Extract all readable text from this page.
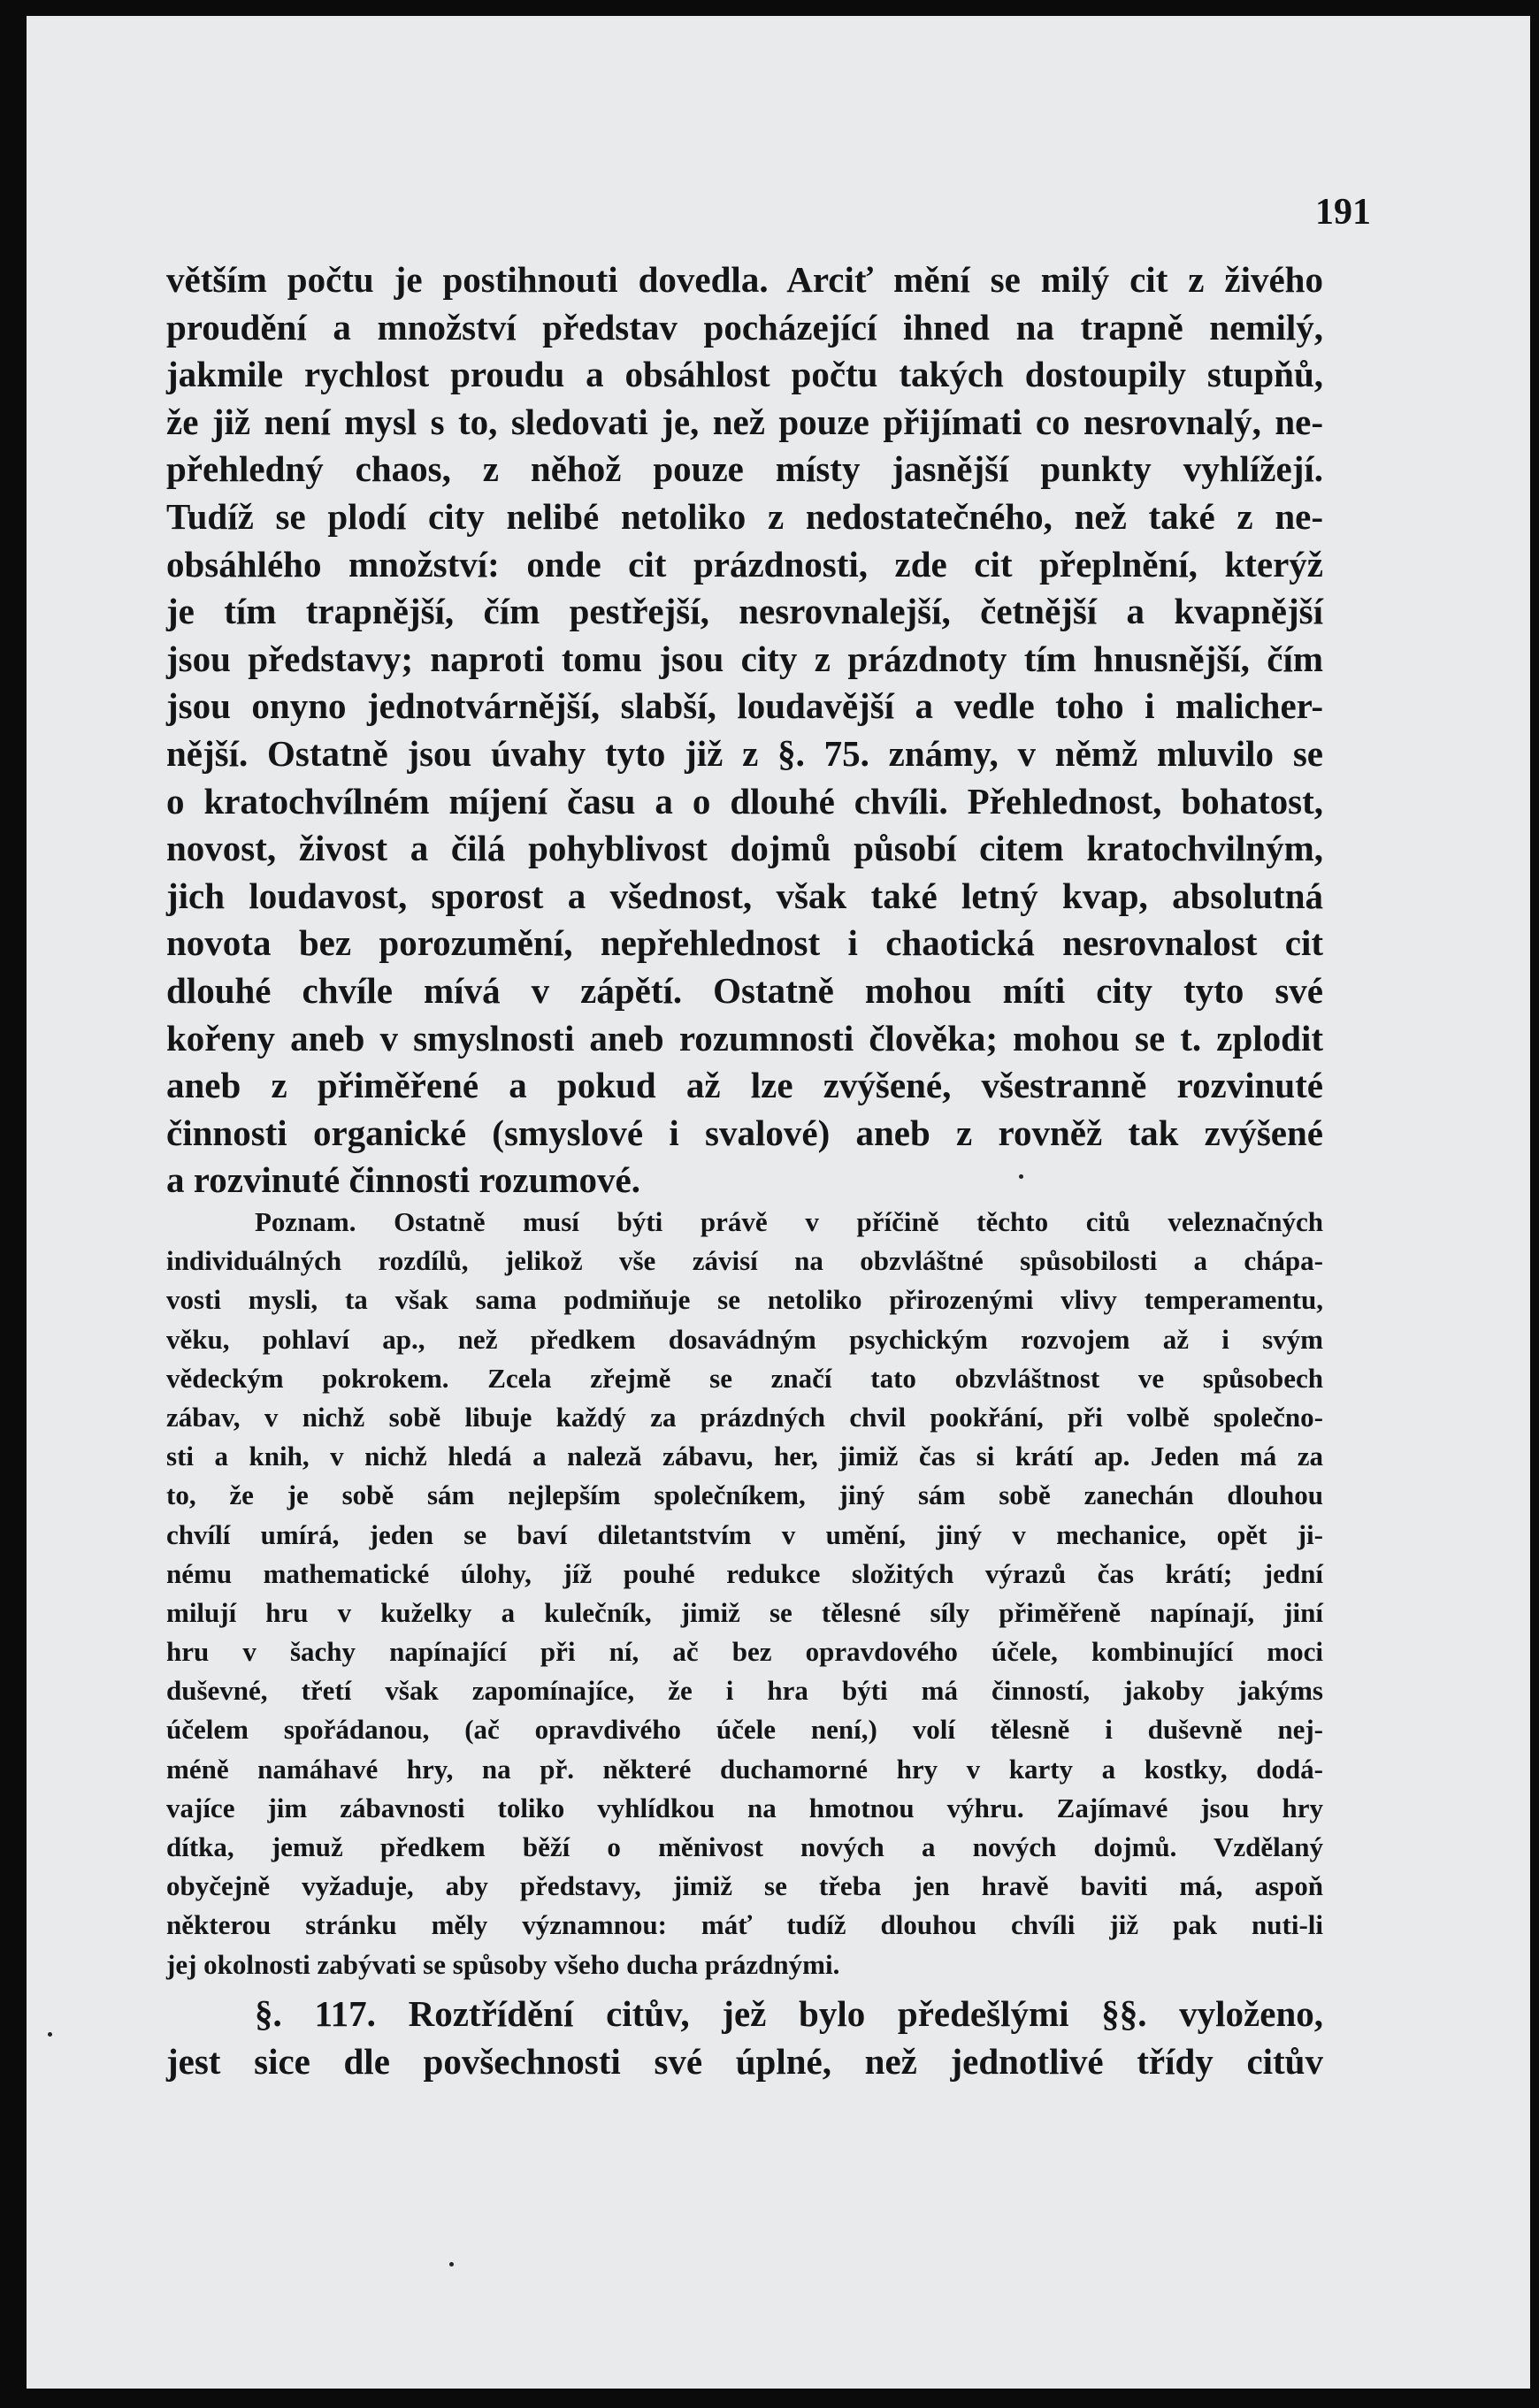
191
větším počtu je postihnouti dovedla. Arciť mění se milý cit z živého
proudění a množství představ pocházející ihned na trapně nemilý,
jakmile rychlost proudu a obsáhlost počtu takých dostoupily stupňů,
že již není mysl s to, sledovati je, než pouze přijímati co nesrovnalý, ne-
přehledný chaos, z něhož pouze místy jasnější punkty vyhlížejí.
Tudíž se plodí city nelibé netoliko z nedostatečného, než také z ne-
obsáhlého množství: onde cit prázdnosti, zde cit přeplnění, kterýž
je tím trapnější, čím pestřejší, nesrovnalejší, četnější a kvapnější
jsou představy; naproti tomu jsou city z prázdnoty tím hnusnější, čím
jsou onyno jednotvárnější, slabší, loudavější a vedle toho i malicher-
nější. Ostatně jsou úvahy tyto již z §. 75. známy, v němž mluvilo se
o kratochvílném míjení času a o dlouhé chvíli. Přehlednost, bohatost,
novost, živost a čilá pohyblivost dojmů působí citem kratochvilným,
jich loudavost, sporost a všednost, však také letný kvap, absolutná
novota bez porozumění, nepřehlednost i chaotická nesrovnalost cit
dlouhé chvíle mívá v zápětí. Ostatně mohou míti city tyto své
kořeny aneb v smyslnosti aneb rozumnosti člověka; mohou se t. zplodit
aneb z přiměřené a pokud až lze zvýšené, všestranně rozvinuté
činnosti organické (smyslové i svalové) aneb z rovněž tak zvýšené
a rozvinuté činnosti rozumové.
Poznam. Ostatně musí býti právě v příčině těchto citů veleznačných
individuálných rozdílů, jelikož vše závisí na obzvláštné spůsobilosti a chápa-
vosti mysli, ta však sama podmiňuje se netoliko přirozenými vlivy temperamentu,
věku, pohlaví ap., než předkem dosavádným psychickým rozvojem až i svým
vědeckým pokrokem. Zcela zřejmě se značí tato obzvláštnost ve spůsobech
zábav, v nichž sobě libuje každý za prázdných chvil pookřání, při volbě společno-
sti a knih, v nichž hledá a naleză zábavu, her, jimiž čas si krátí ap. Jeden má za
to, že je sobě sám nejlepším společníkem, jiný sám sobě zanechán dlouhou
chvílí umírá, jeden se baví diletantstvím v umění, jiný v mechanice, opět ji-
nému mathematické úlohy, jíž pouhé redukce složitých výrazů čas krátí; jední
milují hru v kuželky a kulečník, jimiž se tělesné síly přiměřeně napínají, jiní
hru v šachy napínající při ní, ač bez opravdového účele, kombinující moci
duševné, třetí však zapomínajíce, že i hra býti má činností, jakoby jakýms
účelem spořádanou, (ač opravdivého účele není,) volí tělesně i duševně nej-
méně namáhavé hry, na př. některé duchamorné hry v karty a kostky, dodá-
vajíce jim zábavnosti toliko vyhlídkou na hmotnou výhru. Zajímavé jsou hry
dítka, jemuž předkem běží o měnivost nových a nových dojmů. Vzdělaný
obyčejně vyžaduje, aby představy, jimiž se třeba jen hravě baviti má, aspoň
některou stránku měly významnou: máť tudíž dlouhou chvíli již pak nuti-li
jej okolnosti zabývati se spůsoby všeho ducha prázdnými.
§. 117. Roztřídění citův, jež bylo předešlými §§. vyloženo,
jest sice dle povšechnosti své úplné, než jednotlivé třídy citův
